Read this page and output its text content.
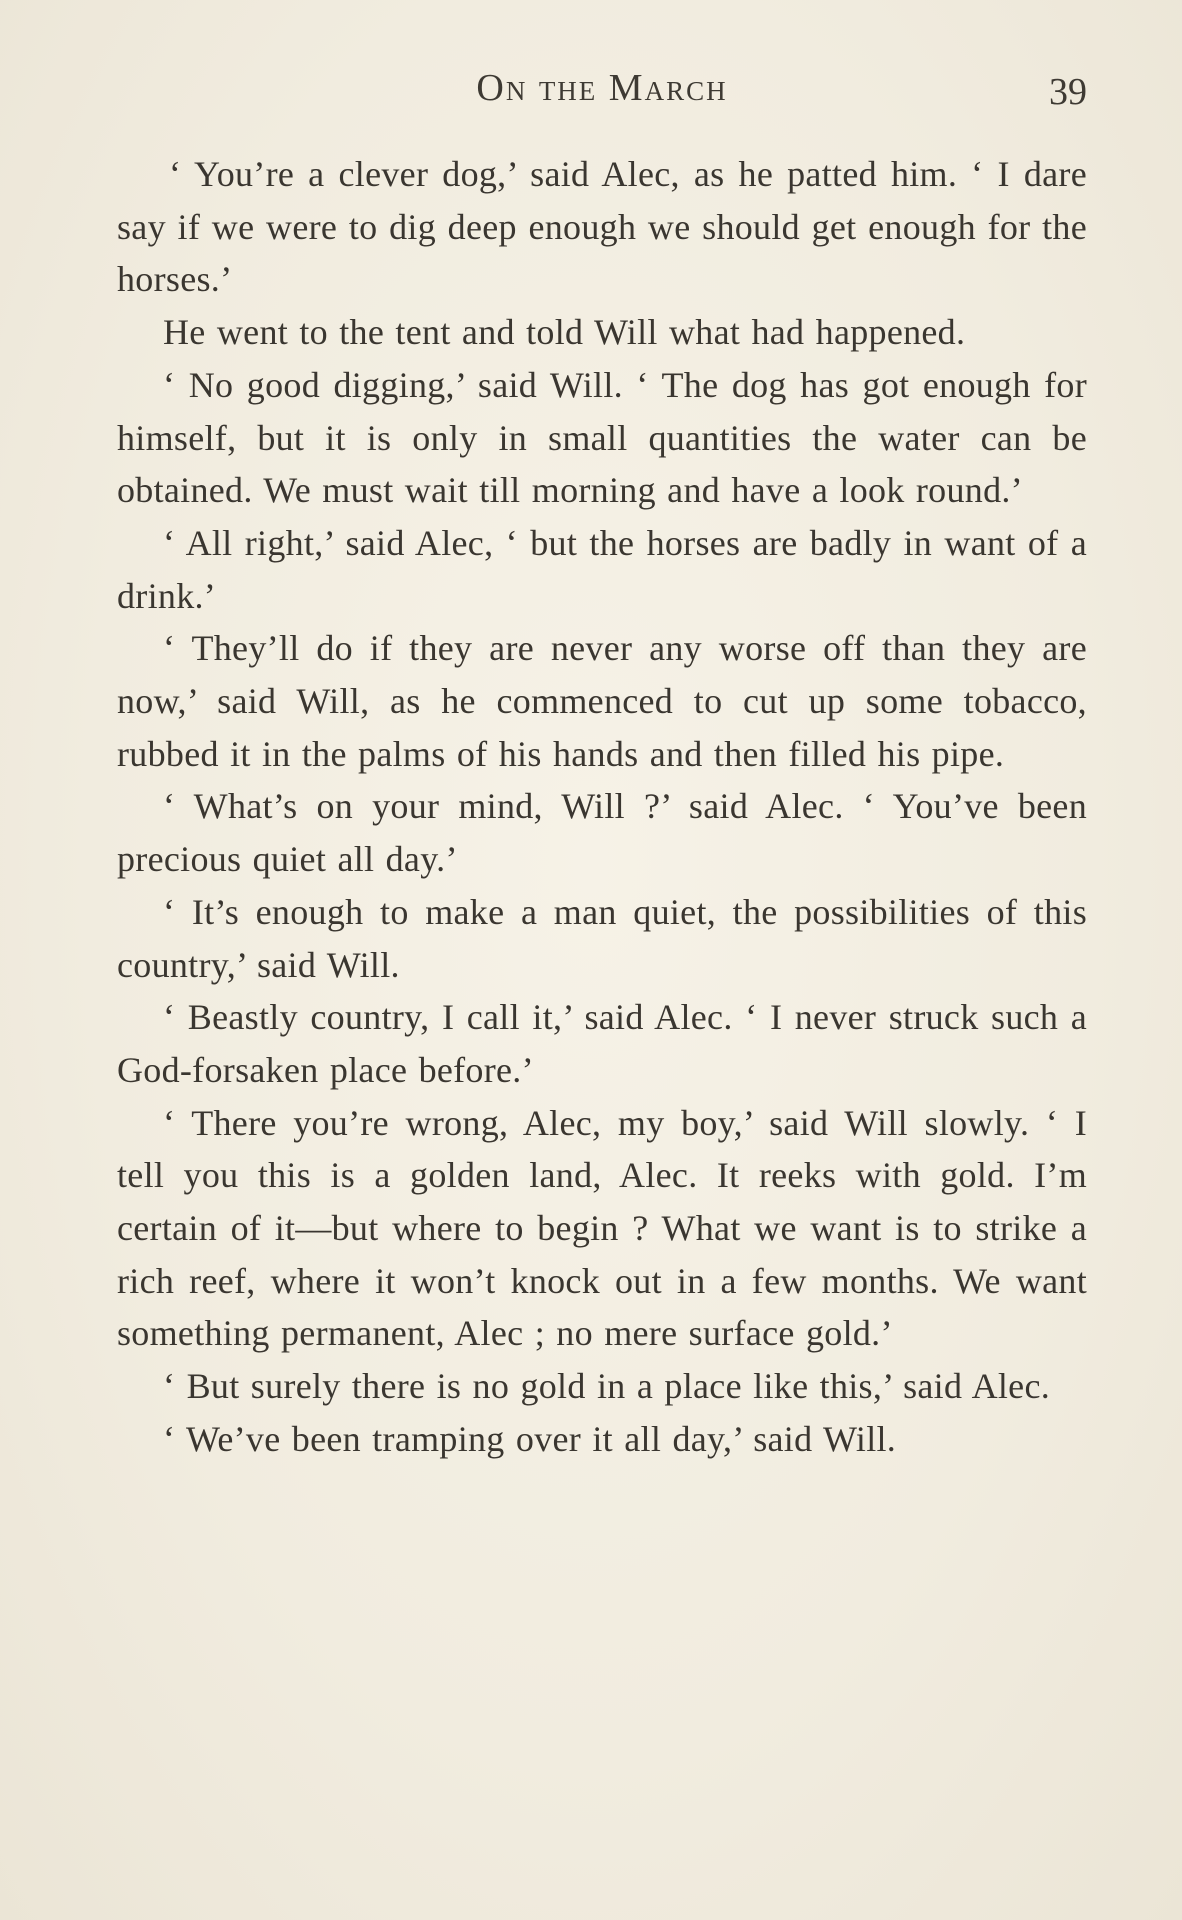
On the March	39

‘ You’re a clever dog,’ said Alec, as he patted him. ‘ I dare say if we were to dig deep enough we should get enough for the horses.’

He went to the tent and told Will what had happened.

‘ No good digging,’ said Will. ‘ The dog has got enough for himself, but it is only in small quantities the water can be obtained. We must wait till morning and have a look round.’

‘ All right,’ said Alec, ‘ but the horses are badly in want of a drink.’

‘ They’ll do if they are never any worse off than they are now,’ said Will, as he commenced to cut up some tobacco, rubbed it in the palms of his hands and then filled his pipe.

‘ What’s on your mind, Will ?’ said Alec. ‘ You’ve been precious quiet all day.’

‘ It’s enough to make a man quiet, the possibilities of this country,’ said Will.

‘ Beastly country, I call it,’ said Alec. ‘ I never struck such a God-forsaken place before.’

‘ There you’re wrong, Alec, my boy,’ said Will slowly. ‘ I tell you this is a golden land, Alec. It reeks with gold. I’m certain of it—but where to begin ? What we want is to strike a rich reef, where it won’t knock out in a few months. We want something permanent, Alec ; no mere surface gold.’

‘ But surely there is no gold in a place like this,’ said Alec.

‘ We’ve been tramping over it all day,’ said Will.
